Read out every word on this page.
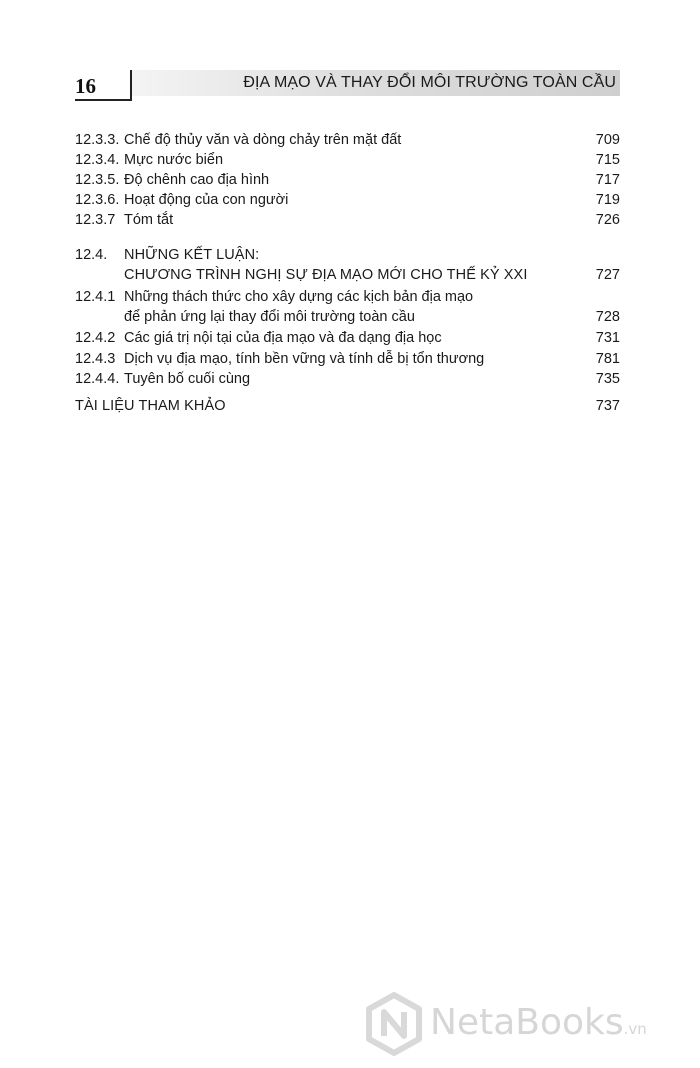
16	ĐỊA MẠO VÀ THAY ĐỔI MÔI TRƯỜNG TOÀN CẦU
12.3.3. Chế độ thủy văn và dòng chảy trên mặt đất	709
12.3.4. Mực nước biển	715
12.3.5. Độ chênh cao địa hình	717
12.3.6. Hoạt động của con người	719
12.3.7 Tóm tắt	726
12.4. NHỮNG KẾT LUẬN:
CHƯƠNG TRÌNH NGHỊ SỰ ĐỊA MẠO MỚI CHO THẾ KỶ XXI	727
12.4.1 Những thách thức cho xây dựng các kịch bản địa mạo
để phản ứng lại thay đổi môi trường toàn cầu	728
12.4.2 Các giá trị nội tại của địa mạo và đa dạng địa học	731
12.4.3 Dịch vụ địa mạo, tính bền vững và tính dễ bị tổn thương	781
12.4.4. Tuyên bố cuối cùng	735
TÀI LIỆU THAM KHẢO	737
NetaBooks.vn
